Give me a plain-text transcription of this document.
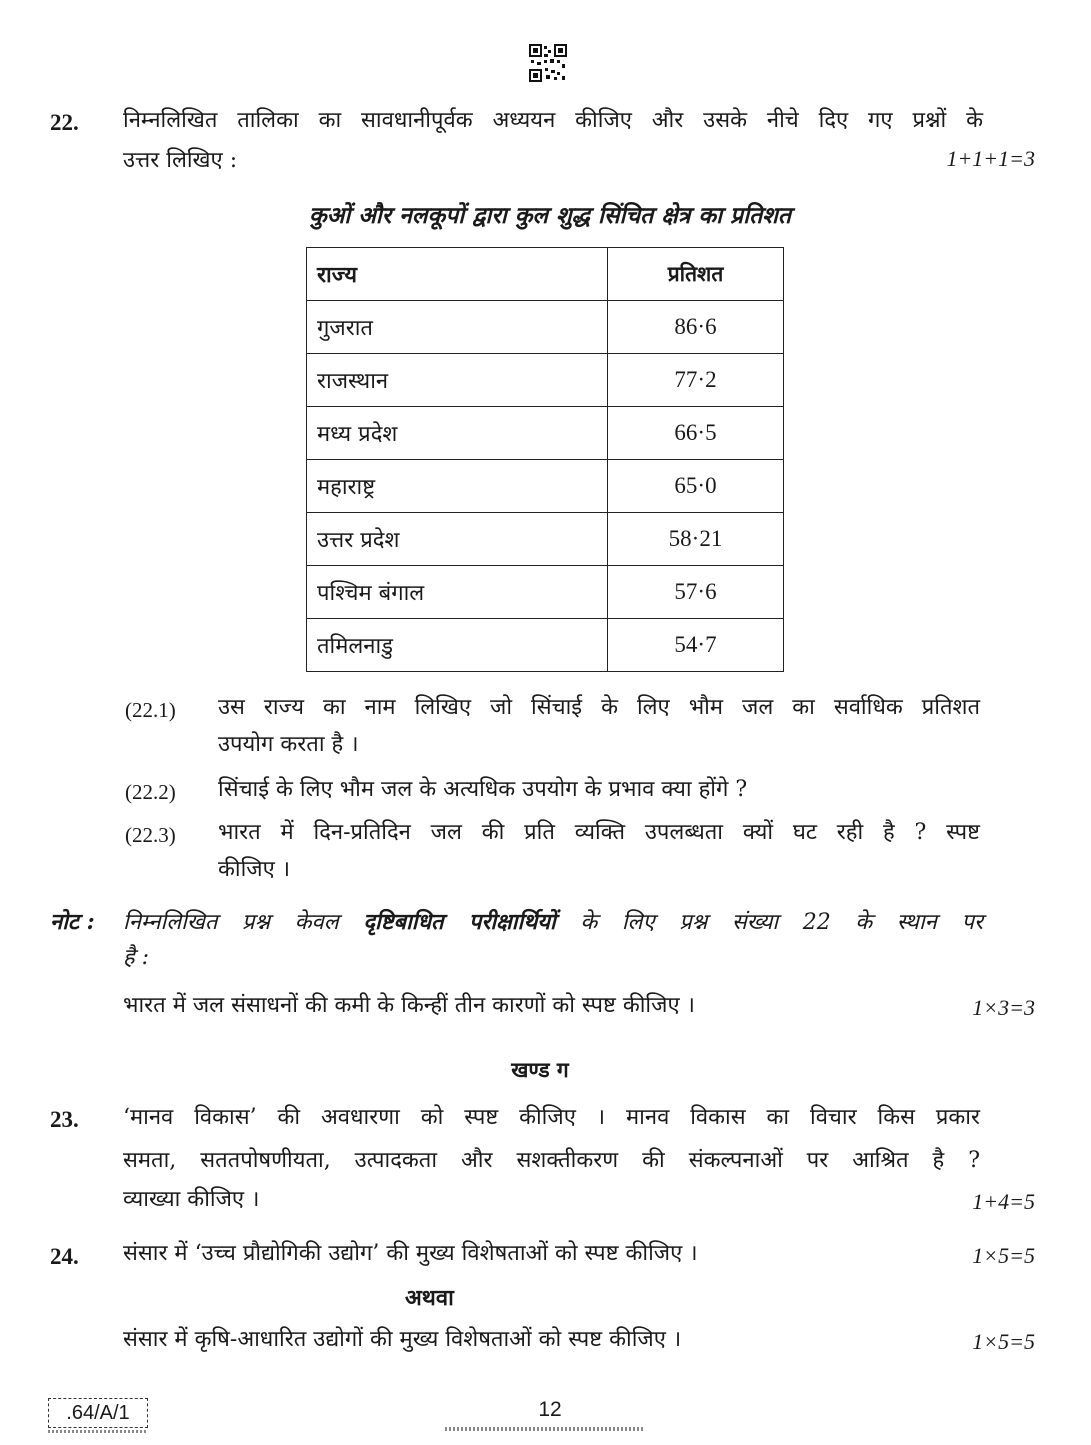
22. निम्नलिखित तालिका का सावधानीपूर्वक अध्ययन कीजिए और उसके नीचे दिए गए प्रश्नों के
उत्तर लिखिए :	1+1+1=3
कुओं और नलकूपों द्वारा कुल शुद्ध सिंचित क्षेत्र का प्रतिशत
राज्य	प्रतिशत
गुजरात	86·6
राजस्थान	77·2
मध्य प्रदेश	66·5
महाराष्ट्र	65·0
उत्तर प्रदेश	58·21
पश्चिम बंगाल	57·6
तमिलनाडु	54·7
(22.1) उस राज्य का नाम लिखिए जो सिंचाई के लिए भौम जल का सर्वाधिक प्रतिशत
उपयोग करता है ।
(22.2) सिंचाई के लिए भौम जल के अत्यधिक उपयोग के प्रभाव क्या होंगे ?
(22.3) भारत में दिन-प्रतिदिन जल की प्रति व्यक्ति उपलब्धता क्यों घट रही है ? स्पष्ट
कीजिए ।
नोट : निम्नलिखित प्रश्न केवल दृष्टिबाधित परीक्षार्थियों के लिए प्रश्न संख्या 22 के स्थान पर
है :
भारत में जल संसाधनों की कमी के किन्हीं तीन कारणों को स्पष्ट कीजिए ।	1×3=3
खण्ड ग
23. ‘मानव विकास’ की अवधारणा को स्पष्ट कीजिए । मानव विकास का विचार किस प्रकार
समता, सततपोषणीयता, उत्पादकता और सशक्तीकरण की संकल्पनाओं पर आश्रित है ?
व्याख्या कीजिए ।	1+4=5
24. संसार में ‘उच्च प्रौद्योगिकी उद्योग’ की मुख्य विशेषताओं को स्पष्ट कीजिए ।	1×5=5
अथवा
संसार में कृषि-आधारित उद्योगों की मुख्य विशेषताओं को स्पष्ट कीजिए ।	1×5=5
.64/A/1	12
